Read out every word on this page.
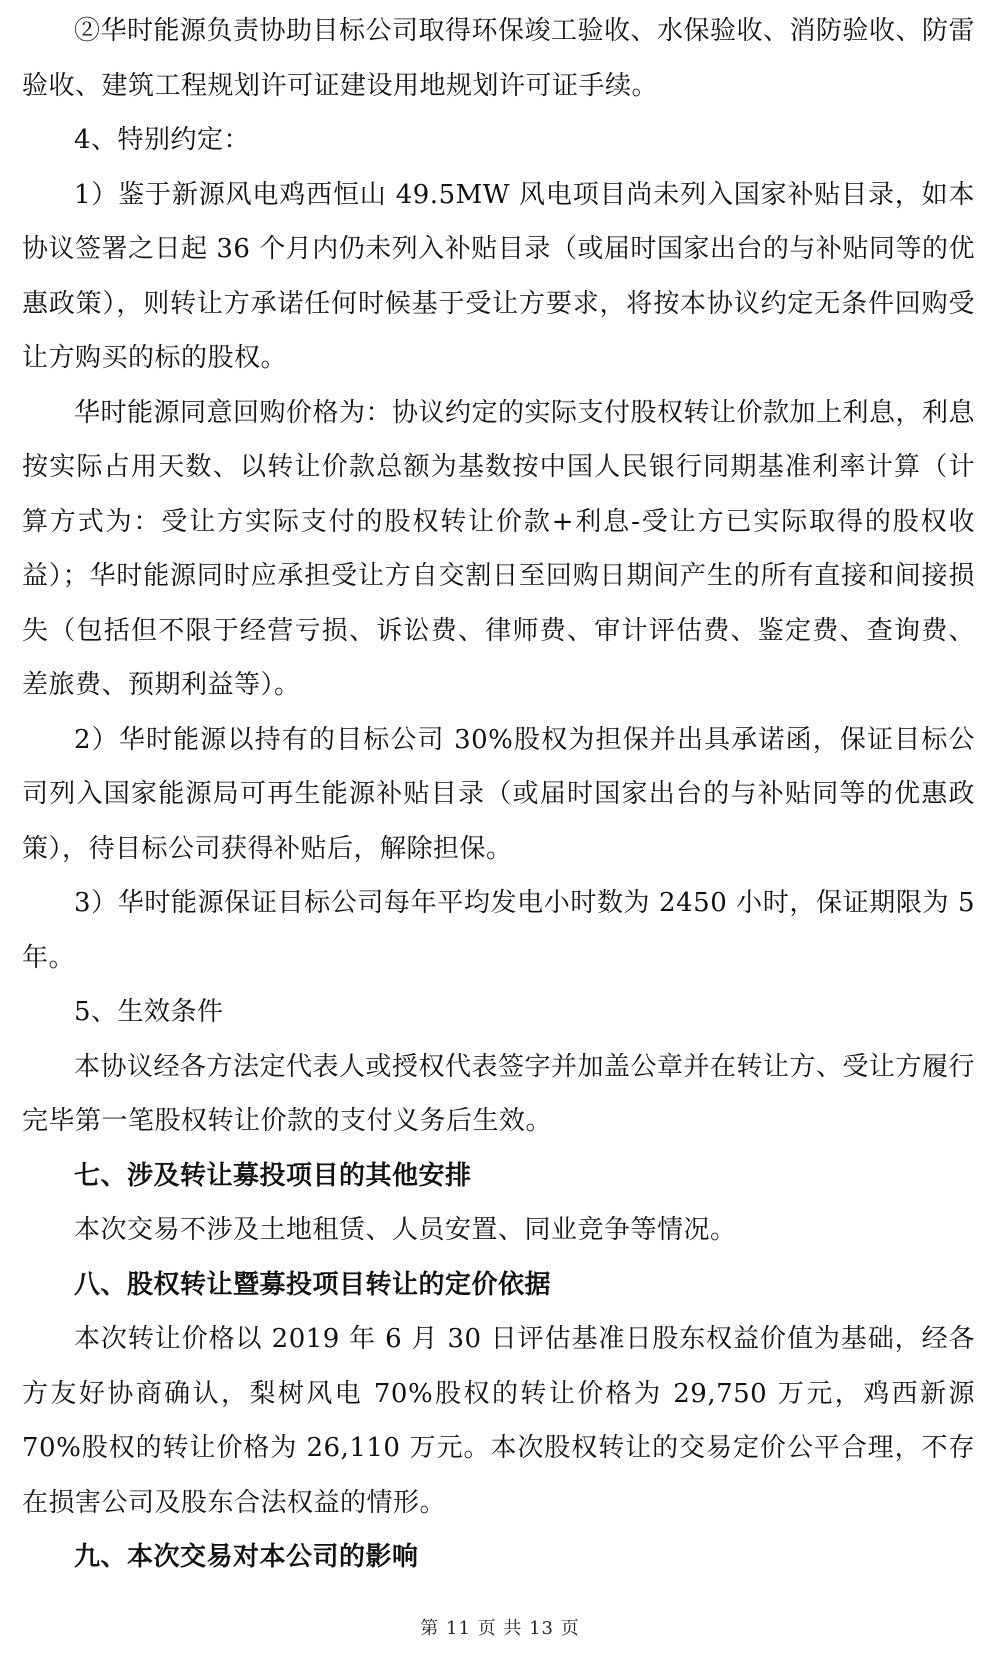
②华时能源负责协助目标公司取得环保竣工验收、水保验收、消防验收、防雷验收、建筑工程规划许可证建设用地规划许可证手续。

4、特别约定：

1）鉴于新源风电鸡西恒山 49.5MW 风电项目尚未列入国家补贴目录，如本协议签署之日起 36 个月内仍未列入补贴目录（或届时国家出台的与补贴同等的优惠政策），则转让方承诺任何时候基于受让方要求，将按本协议约定无条件回购受让方购买的标的股权。

华时能源同意回购价格为：协议约定的实际支付股权转让价款加上利息，利息按实际占用天数、以转让价款总额为基数按中国人民银行同期基准利率计算（计算方式为：受让方实际支付的股权转让价款+利息-受让方已实际取得的股权收益）；华时能源同时应承担受让方自交割日至回购日期间产生的所有直接和间接损失（包括但不限于经营亏损、诉讼费、律师费、审计评估费、鉴定费、查询费、差旅费、预期利益等）。

2）华时能源以持有的目标公司 30%股权为担保并出具承诺函，保证目标公司列入国家能源局可再生能源补贴目录（或届时国家出台的与补贴同等的优惠政策），待目标公司获得补贴后，解除担保。

3）华时能源保证目标公司每年平均发电小时数为 2450 小时，保证期限为 5 年。

5、生效条件

本协议经各方法定代表人或授权代表签字并加盖公章并在转让方、受让方履行完毕第一笔股权转让价款的支付义务后生效。

七、涉及转让募投项目的其他安排

本次交易不涉及土地租赁、人员安置、同业竞争等情况。

八、股权转让暨募投项目转让的定价依据

本次转让价格以 2019 年 6 月 30 日评估基准日股东权益价值为基础，经各方友好协商确认，梨树风电 70%股权的转让价格为 29,750 万元，鸡西新源 70%股权的转让价格为 26,110 万元。本次股权转让的交易定价公平合理，不存在损害公司及股东合法权益的情形。

九、本次交易对本公司的影响

第 11 页 共 13 页
